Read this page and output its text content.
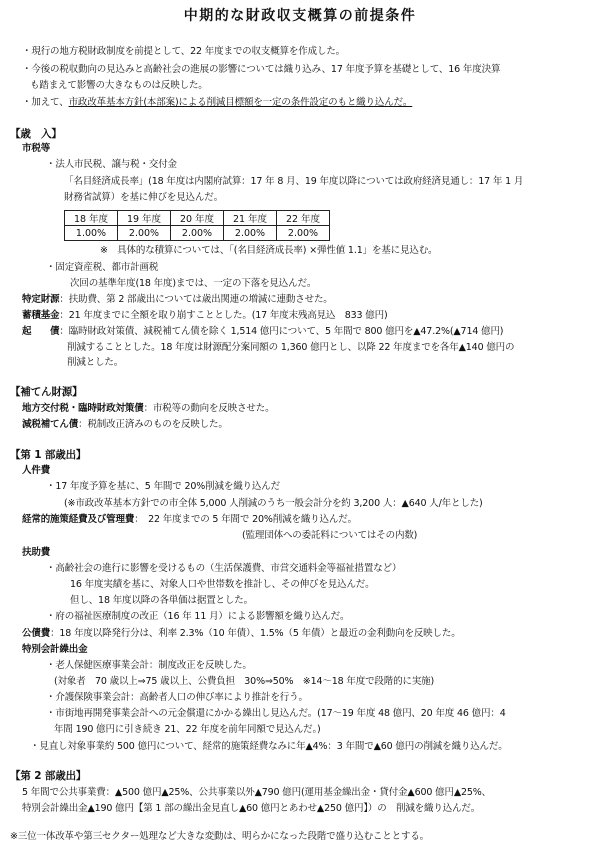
中期的な財政収支概算の前提条件
・現行の地方税財政制度を前提として、22 年度までの収支概算を作成した。
・今後の税収動向の見込みと高齢社会の進展の影響については織り込み、17 年度予算を基礎として、16 年度決算
も踏まえて影響の大きなものは反映した。
・加えて、市政改革基本方針(本部案)による削減目標額を一定の条件設定のもと織り込んだ。
【歳　入】
市税等
・法人市民税、譲与税・交付金
「名目経済成長率」(18 年度は内閣府試算：17 年 8 月、19 年度以降については政府経済見通し：17 年 1 月
財務省試算）を基に伸びを見込んだ。
18 年度	19 年度	20 年度	21 年度	22 年度
1.00%	2.00%	2.00%	2.00%	2.00%
※　具体的な積算については、「(名目経済成長率) ×弾性値 1.1」を基に見込む。
・固定資産税、都市計画税
次回の基準年度(18 年度)までは、一定の下落を見込んだ。
特定財源：扶助費、第 2 部歳出については歳出関連の増減に連動させた。
蓄積基金：21 年度までに全額を取り崩すこととした。(17 年度末残高見込　833 億円)
起　　債：臨時財政対策債、減税補てん債を除く 1,514 億円について、5 年間で 800 億円を▲47.2%(▲714 億円)
削減することとした。18 年度は財源配分案同額の 1,360 億円とし、以降 22 年度までを各年▲140 億円の
削減とした。
【補てん財源】
地方交付税・臨時財政対策債：市税等の動向を反映させた。
減税補てん債：税制改正済みのものを反映した。
【第 1 部歳出】
人件費
・17 年度予算を基に、5 年間で 20%削減を織り込んだ
(※市政改革基本方針での市全体 5,000 人削減のうち一般会計分を約 3,200 人：▲640 人/年とした)
経常的施策経費及び管理費：　22 年度までの 5 年間で 20%削減を織り込んだ。
(監理団体への委託料についてはその内数)
扶助費
・高齢社会の進行に影響を受けるもの（生活保護費、市営交通料金等福祉措置など）
16 年度実績を基に、対象人口や世帯数を推計し、その伸びを見込んだ。
但し、18 年度以降の各単価は据置とした。
・府の福祉医療制度の改正（16 年 11 月）による影響額を織り込んだ。
公債費：18 年度以降発行分は、利率 2.3%（10 年債）、1.5%（5 年債）と最近の金利動向を反映した。
特別会計繰出金
・老人保健医療事業会計：制度改正を反映した。
(対象者　70 歳以上⇒75 歳以上、公費負担　30%⇒50%　※14～18 年度で段階的に実施)
・介護保険事業会計：高齢者人口の伸び率により推計を行う。
・市街地再開発事業会計への元金償還にかかる繰出し見込んだ。(17～19 年度 48 億円、20 年度 46 億円：4
年間 190 億円に引き続き 21、22 年度を前年同額で見込んだ。)
・見直し対象事業約 500 億円について、経常的施策経費なみに年▲4%：3 年間で▲60 億円の削減を織り込んだ。
【第 2 部歳出】
5 年間で公共事業費：▲500 億円▲25%、公共事業以外▲790 億円(運用基金繰出金・貸付金▲600 億円▲25%、
特別会計繰出金▲190 億円【第 1 部の繰出金見直し▲60 億円とあわせ▲250 億円】）の　削減を織り込んだ。
※三位一体改革や第三セクター処理など大きな変動は、明らかになった段階で盛り込むこととする。
